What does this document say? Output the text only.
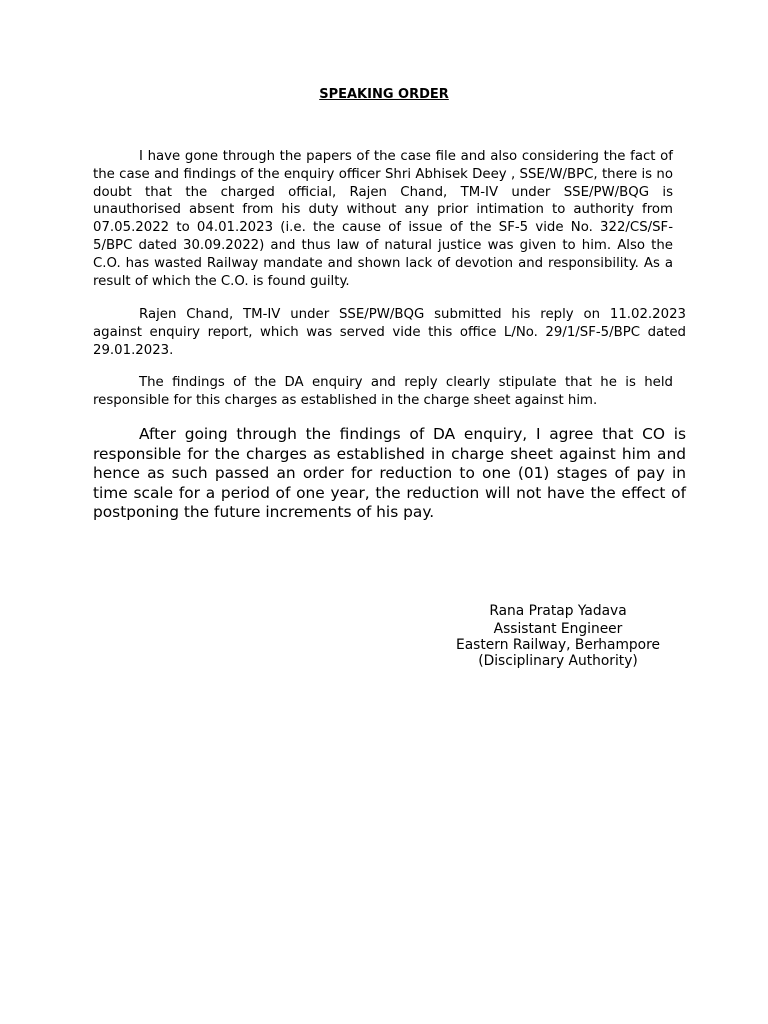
SPEAKING ORDER

I have gone through the papers of the case file and also considering the fact of the case and findings of the enquiry officer Shri Abhisek Deey , SSE/W/BPC, there is no doubt that the charged official, Rajen Chand, TM-IV under SSE/PW/BQG is unauthorised absent from his duty without any prior intimation to authority from 07.05.2022 to 04.01.2023 (i.e. the cause of issue of the SF-5 vide No. 322/CS/SF-5/BPC dated 30.09.2022) and thus law of natural justice was given to him. Also the C.O. has wasted Railway mandate and shown lack of devotion and responsibility. As a result of which the C.O. is found guilty.

Rajen Chand, TM-IV under SSE/PW/BQG submitted his reply on 11.02.2023 against enquiry report, which was served vide this office L/No. 29/1/SF-5/BPC dated 29.01.2023.

The findings of the DA enquiry and reply clearly stipulate that he is held responsible for this charges as established in the charge sheet against him.

After going through the findings of DA enquiry, I agree that CO is responsible for the charges as established in charge sheet against him and hence as such passed an order for reduction to one (01) stages of pay in time scale for a period of one year, the reduction will not have the effect of postponing the future increments of his pay.

Rana Pratap Yadava
Assistant Engineer
Eastern Railway, Berhampore
(Disciplinary Authority)
